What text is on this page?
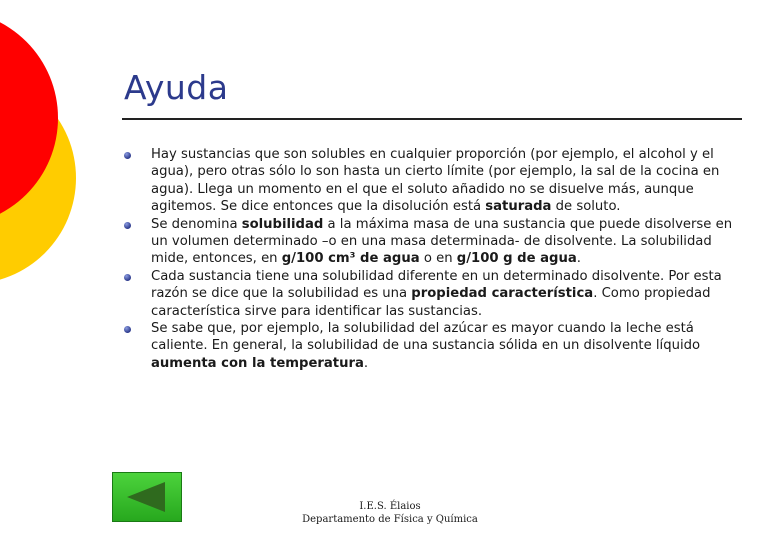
Ayuda
Hay sustancias que son solubles en cualquier proporción (por ejemplo, el alcohol y el agua), pero otras sólo lo son hasta un cierto límite (por ejemplo, la sal de la cocina en agua). Llega un momento en el que el soluto añadido no se disuelve más, aunque agitemos. Se dice entonces que la disolución está saturada de soluto.
Se denomina solubilidad a la máxima masa de una sustancia que puede disolverse en un volumen determinado –o en una masa determinada- de disolvente. La solubilidad mide, entonces, en g/100 cm³ de agua o en g/100 g de agua.
Cada sustancia tiene una solubilidad diferente en un determinado disolvente. Por esta razón se dice que la solubilidad es una propiedad característica. Como propiedad característica sirve para identificar las sustancias.
Se sabe que, por ejemplo, la solubilidad del azúcar es mayor cuando la leche está caliente. En general, la solubilidad de una sustancia sólida en un disolvente líquido aumenta con la temperatura.
I.E.S. Élaios
Departamento de Física y Química
